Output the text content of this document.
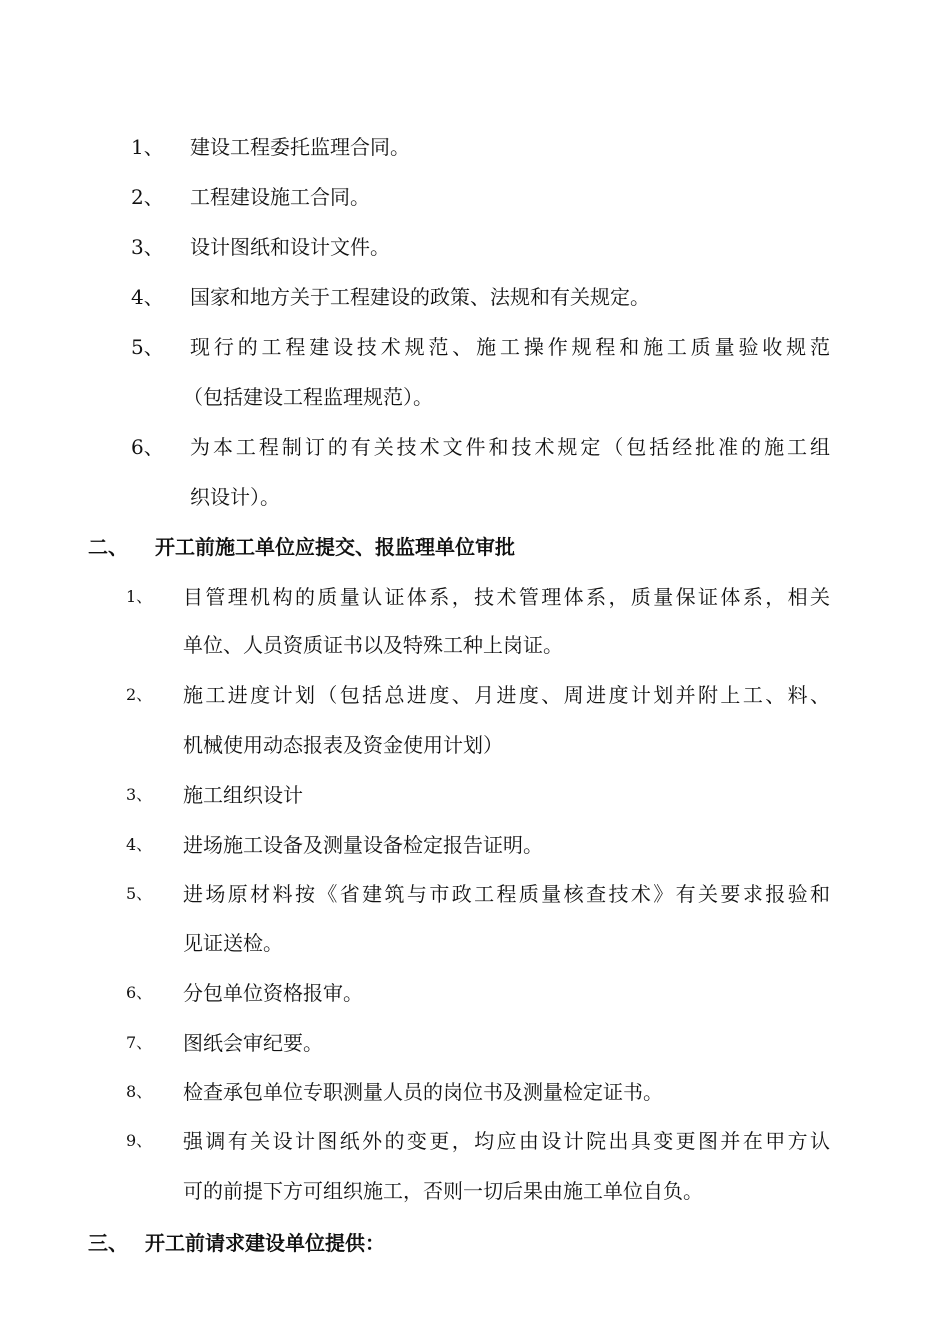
1、 建设工程委托监理合同。
2、 工程建设施工合同。
3、 设计图纸和设计文件。
4、 国家和地方关于工程建设的政策、法规和有关规定。
5、 现行的工程建设技术规范、施工操作规程和施工质量验收规范
（包括建设工程监理规范）。
6、 为本工程制订的有关技术文件和技术规定（包括经批准的施工组
织设计）。
二、 开工前施工单位应提交、报监理单位审批
1、 目管理机构的质量认证体系，技术管理体系，质量保证体系，相关
单位、人员资质证书以及特殊工种上岗证。
2、 施工进度计划（包括总进度、月进度、周进度计划并附上工、料、
机械使用动态报表及资金使用计划）
3、 施工组织设计
4、 进场施工设备及测量设备检定报告证明。
5、 进场原材料按《省建筑与市政工程质量核查技术》有关要求报验和
见证送检。
6、 分包单位资格报审。
7、 图纸会审纪要。
8、 检查承包单位专职测量人员的岗位书及测量检定证书。
9、 强调有关设计图纸外的变更，均应由设计院出具变更图并在甲方认
可的前提下方可组织施工，否则一切后果由施工单位自负。
三、 开工前请求建设单位提供：
